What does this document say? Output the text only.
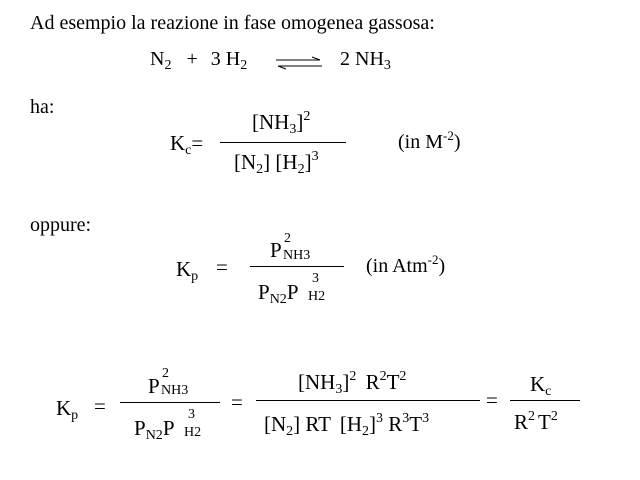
Ad esempio la reazione in fase omogenea gassosa:
$N_2 + 3$ $H_2$ ⇌ 2 $NH_3$
ha:
Kc=
$[NH3]^2$
[N2] $[H2]^3$
(in $M^{-2}$)
oppure:
Kp =
P 2
NH3
PN2P
3
H2
(in Atm$^{-2}$)
Kp =
P
2
NH3
PN2P
3
H2
=
$[NH3]^2$ $R^2T^2$
[N2] RT $[H2]^3$ $R^3T^3$
=
Kc
$R^2$ $T^2$
